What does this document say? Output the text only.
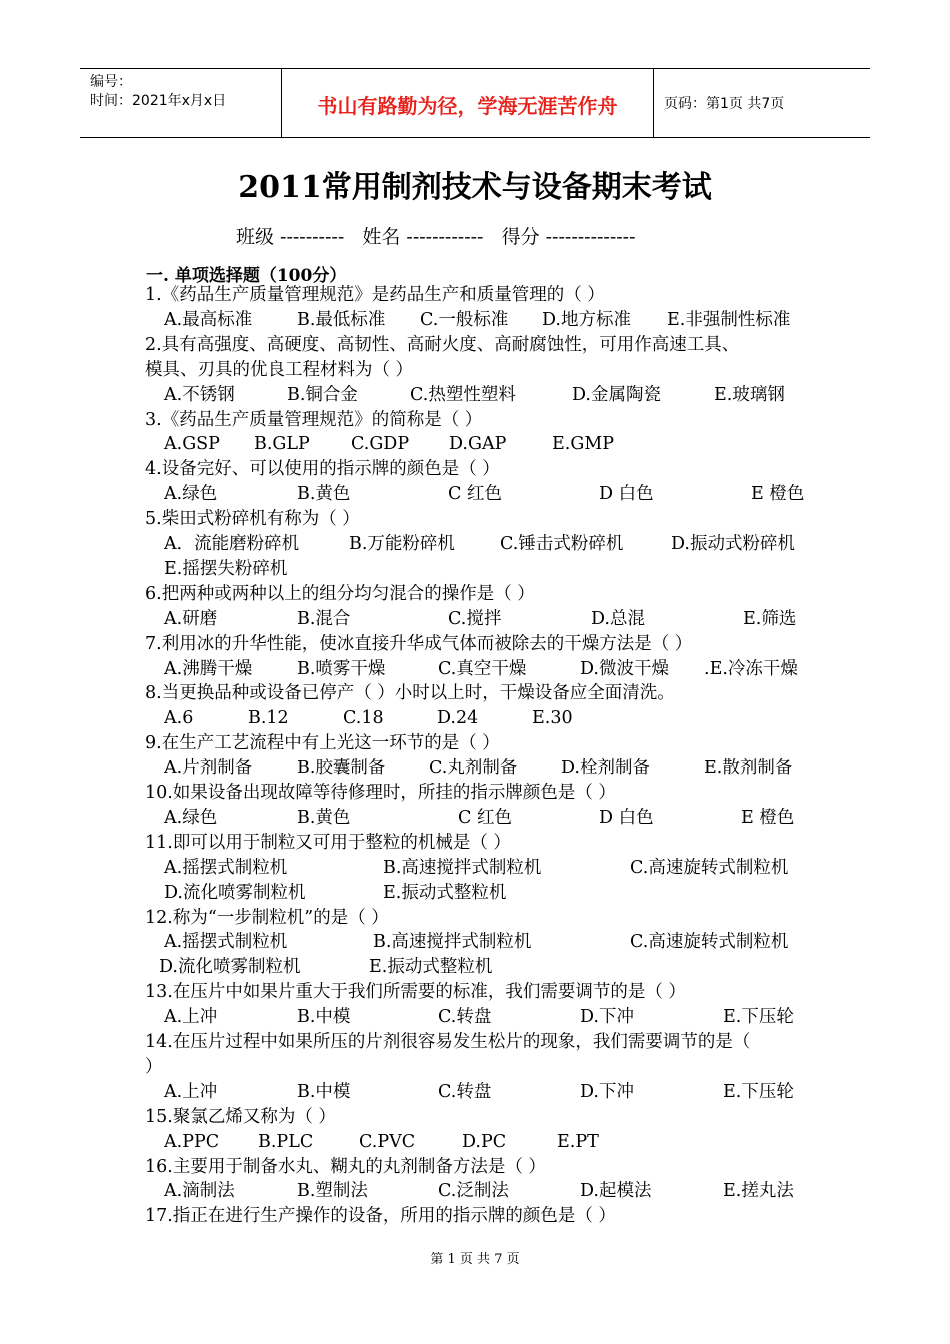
编号：
时间：2021年x月x日	书山有路勤为径，学海无涯苦作舟	页码：第1页 共7页
2011常用制剂技术与设备期末考试
班级 ---------- 姓名 ------------ 得分 --------------
一. 单项选择题（100分）
1.《药品生产质量管理规范》是药品生产和质量管理的（ ）
A.最高标准	B.最低标准 C.一般标准 D.地方标准 E.非强制性标准
2.具有高强度、高硬度、高韧性、高耐火度、高耐腐蚀性，可用作高速工具、
模具、刃具的优良工程材料为（ ）
A.不锈钢	B.铜合金	C.热塑性塑料	D.金属陶瓷	E.玻璃钢
3.《药品生产质量管理规范》的简称是（ ）
A.GSP B.GLP C.GDP D.GAP	E.GMP
4.设备完好、可以使用的指示牌的颜色是（ ）
A.绿色	B.黄色	C 红色	D 白色	E 橙色
5.柴田式粉碎机有称为（ ）
A．流能磨粉碎机	B.万能粉碎机	C.锤击式粉碎机	D.振动式粉碎机
E.摇摆失粉碎机
6.把两种或两种以上的组分均匀混合的操作是（ ）
A.研磨	B.混合	C.搅拌	D.总混	E.筛选
7.利用冰的升华性能，使冰直接升华成气体而被除去的干燥方法是（ ）
A.沸腾干燥	B.喷雾干燥	C.真空干燥	D.微波干燥 .E.冷冻干燥
8.当更换品种或设备已停产（ ）小时以上时，干燥设备应全面清洗。
A.6	B.12	C.18	D.24	E.30
9.在生产工艺流程中有上光这一环节的是（ ）
A.片剂制备	B.胶囊制备 C.丸剂制备 D.栓剂制备	E.散剂制备
10.如果设备出现故障等待修理时，所挂的指示牌颜色是（ ）
A.绿色	B.黄色	C 红色	D 白色	E 橙色
11.即可以用于制粒又可用于整粒的机械是（ ）
A.摇摆式制粒机	B.高速搅拌式制粒机	C.高速旋转式制粒机
D.流化喷雾制粒机	E.振动式整粒机
12.称为“一步制粒机”的是（ ）
A.摇摆式制粒机	B.高速搅拌式制粒机	C.高速旋转式制粒机
D.流化喷雾制粒机	E.振动式整粒机
13.在压片中如果片重大于我们所需要的标准，我们需要调节的是（ ）
A.上冲	B.中模	C.转盘	D.下冲	E.下压轮
14.在压片过程中如果所压的片剂很容易发生松片的现象，我们需要调节的是（
）
A.上冲	B.中模	C.转盘	D.下冲	E.下压轮
15.聚氯乙烯又称为（ ）
A.PPC B.PLC	C.PVC	D.PC	E.PT
16.主要用于制备水丸、糊丸的丸剂制备方法是（ ）
A.滴制法	B.塑制法	C.泛制法	D.起模法	E.搓丸法
17.指正在进行生产操作的设备，所用的指示牌的颜色是（ ）
第 1 页 共 7 页
